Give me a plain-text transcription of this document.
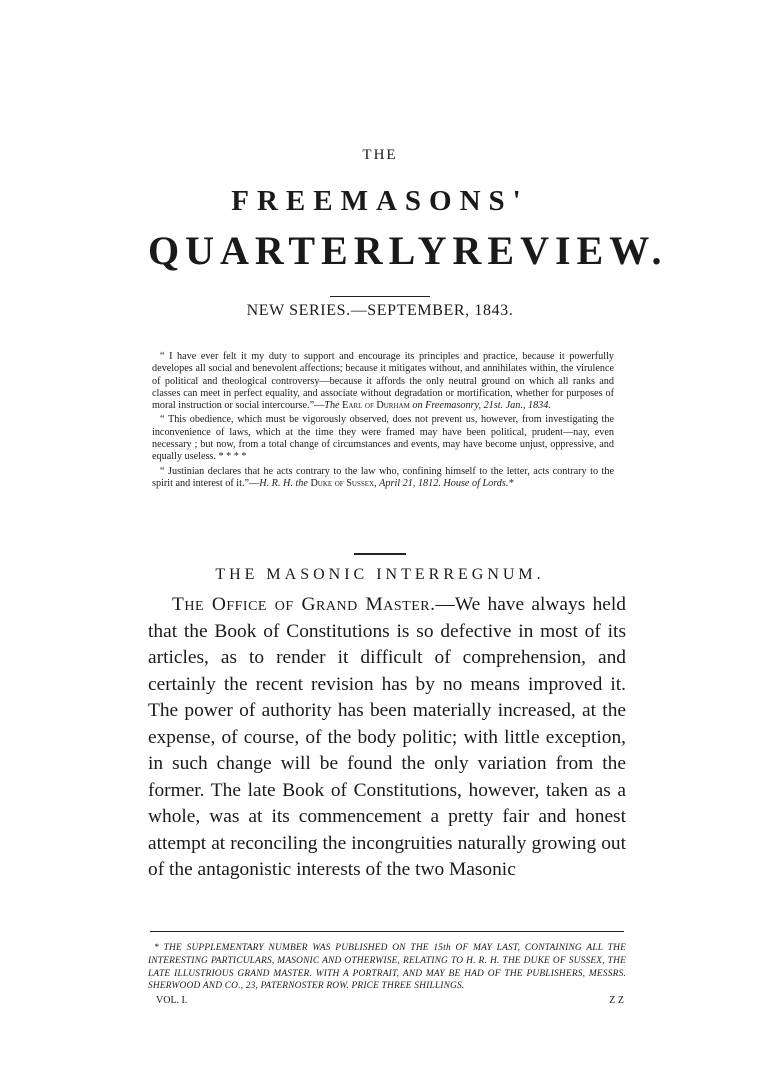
THE
FREEMASONS'
QUARTERLY REVIEW.
NEW SERIES.—SEPTEMBER, 1843.

“ I have ever felt it my duty to support and encourage its principles and practice, because it powerfully developes all social and benevolent affections; because it mitigates without, and annihilates within, the virulence of political and theological controversy—because it affords the only neutral ground on which all ranks and classes can meet in perfect equality, and associate without degradation or mortification, whether for purposes of moral instruction or social intercourse.”—The Earl of Durham on Freemasonry, 21st. Jan., 1834.

“ This obedience, which must be vigorously observed, does not prevent us, however, from investigating the inconvenience of laws, which at the time they were framed may have been political, prudent—nay, even necessary ; but now, from a total change of circumstances and events, may have become unjust, oppressive, and equally useless. * * * *

“ Justinian declares that he acts contrary to the law who, confining himself to the letter, acts contrary to the spirit and interest of it.”—H. R. H. the Duke of Sussex, April 21, 1812. House of Lords.*

THE MASONIC INTERREGNUM.

The Office of Grand Master.—We have always held that the Book of Constitutions is so defective in most of its articles, as to render it difficult of comprehension, and certainly the recent revision has by no means improved it. The power of authority has been materially increased, at the expense, of course, of the body politic; with little exception, in such change will be found the only variation from the former. The late Book of Constitutions, however, taken as a whole, was at its commencement a pretty fair and honest attempt at reconciling the incongruities naturally growing out of the antagonistic interests of the two Masonic

* THE SUPPLEMENTARY NUMBER WAS PUBLISHED ON THE 15th OF MAY LAST, CONTAINING ALL THE INTERESTING PARTICULARS, MASONIC AND OTHERWISE, RELATING TO H. R. H. THE DUKE OF SUSSEX, THE LATE ILLUSTRIOUS GRAND MASTER. WITH A PORTRAIT, AND MAY BE HAD OF THE PUBLISHERS, MESSRS. SHERWOOD AND CO., 23, PATERNOSTER ROW. PRICE THREE SHILLINGS.

VOL. I.	Z Z
